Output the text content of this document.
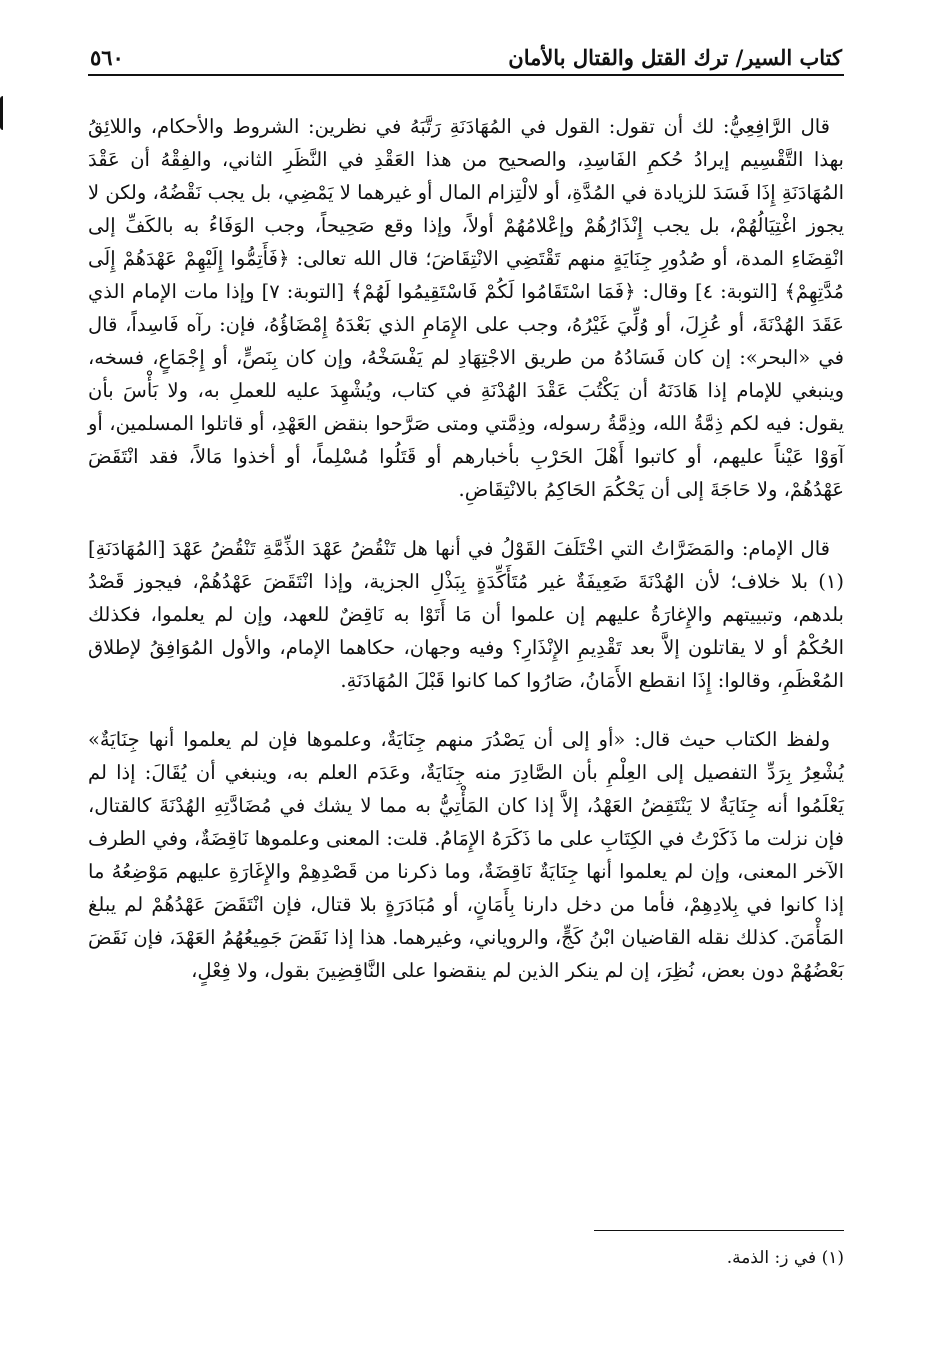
كتاب السير/ ترك القتل والقتال بالأمان
٥٦٠

قال الرَّافِعِيُّ: لك أن تقول: القول في المُهَادَنَةِ رَتَّبَهُ في نظرين: الشروط والأحكام، واللائِقُ بهذا التَّقْسِيم إيرادُ حُكمِ الفَاسِدِ، والصحيح من هذا العَقْدِ في النَّظَرِ الثاني، والفِقْهُ أن عَقْدَ المُهَادَنَةِ إِذَا فَسَدَ للزيادة في المُدَّةِ، أو لالْتِزام المال أو غيرهما لا يَمْضِي، بل يجب نَقْضُهُ، ولكن لا يجوز اغْتِيَالُهُمْ، بل يجب إِنْذَارُهُمْ وإعْلامُهُمْ أولاً، وإذا وقع صَحِيحاً، وجب الوَفَاءُ به بالكَفِّ إلى انْقِضَاءِ المدة، أو صُدُورِ جِنَايَةٍ منهم تَقْتَضِي الانْتِقَاضَ؛ قال الله تعالى: ﴿فَأَتِمُّوا إِلَيْهِمْ عَهْدَهُمْ إِلَى مُدَّتِهِمْ﴾ [التوبة: ٤] وقال: ﴿فَمَا اسْتَقَامُوا لَكُمْ فَاسْتَقِيمُوا لَهُمْ﴾ [التوبة: ٧] وإذا مات الإمام الذي عَقَدَ الهُدْنَةَ، أو عُزِلَ، أو وُلِّيَ غَيْرُهُ، وجب على الإِمَامِ الذي بَعْدَهُ إِمْضَاؤُهُ، فإن: رآه فَاسِداً، قال في «البحر»: إن كان فَسَادُهُ من طريق الاجْتِهَادِ لم يَفْسَخْهُ، وإن كان بِنَصٍّ، أو إِجْمَاعٍ، فسخه، وينبغي للإمام إذا هَادَنَهُ أن يَكْتُبَ عَقْدَ الهُدْنَةِ في كتاب، ويُشْهِدَ عليه للعملِ به، ولا بَأْسَ بأن يقول: فيه لكم ذِمَّةُ الله، وذِمَّةُ رسوله، وذِمَّتي ومتى صَرَّحوا بنقض العَهْدِ، أو قاتلوا المسلمين، أو آوَوْا عَيْناً عليهم، أو كاتبوا أَهْلَ الحَرْبِ بأخبارهم أو قَتَلُوا مُسْلِماً، أو أخذوا مَالاً، فقد انْتَقَضَ عَهْدُهُمْ، ولا حَاجَةَ إلى أن يَحْكُمَ الحَاكِمُ بالانْتِقَاضِ.

قال الإمام: والمَضَرَّاتُ التي اخْتَلَفَ القَوْلُ في أنها هل تَنْقُضُ عَهْدَ الذِّمَّةِ تَنْقُضُ عَهْدَ [المُهَادَنَةِ](١) بلا خلاف؛ لأن الهُدْنَةَ ضَعِيفَةٌ غير مُتَأَكِّدَةٍ بِبَذْلِ الجزية، وإذا انْتَقَضَ عَهْدُهُمْ، فيجوز قَصْدُ بلدهم، وتبييتهم والإِغارَةُ عليهم إن علموا أن مَا أَتَوْا به نَاقِضٌ للعهد، وإن لم يعلموا، فكذلك الحُكْمُ أو لا يقاتلون إلاَّ بعد تَقْدِيمِ الإِنْذَارِ؟ وفيه وجهان، حكاهما الإمام، والأول المُوَافِقُ لإطلاق المُعْظَمِ، وقالوا: إِذَا انقطع الأَمَانُ، صَارُوا كما كانوا قَبْلَ المُهَادَنَةِ.

ولفظ الكتاب حيث قال: «أو إلى أن يَصْدُرَ منهم جِنَايَةٌ، وعلموها فإن لم يعلموا أنها جِنَايَةٌ» يُشْعِرُ بِرَدِّ التفصيل إلى العِلْمِ بأن الصَّادِرَ منه جِنَايَةٌ، وعَدَم العلم به، وينبغي أن يُقَالَ: إذا لم يَعْلَمُوا أنه جِنَايَةٌ لا يَنْتَقِضُ العَهْدُ، إلاَّ إذا كان المَأْتِيُّ به مما لا يشك في مُضَادَّتِهِ الهُدْنَةَ كالقتال، فإن نزلت ما ذَكَرْتُ في الكِتَابِ على ما ذَكَرَهُ الإِمَامُ. قلت: المعنى وعلموها نَاقِضَةٌ، وفي الطرف الآخر المعنى، وإن لم يعلموا أنها جِنَايَةٌ نَاقِضَةٌ، وما ذكرنا من قَصْدِهِمْ والإِغَارَةِ عليهم مَوْضِعُهُ ما إذا كانوا في بِلادِهِمْ، فأما من دخل دارنا بِأَمَانٍ، أو مُبَادَرَةٍ بلا قتال، فإن انْتَقَضَ عَهْدُهُمْ لم يبلغ المَأْمَنَ. كذلك نقله القاضيان ابْنُ كَجٍّ، والروياني، وغيرهما. هذا إذا نَقَضَ جَمِيعُهُمُ العَهْدَ، فإن نَقَضَ بَعْضُهُمْ دون بعض، نُظِرَ، إن لم ينكر الذين لم ينقضوا على النَّاقِضِينَ بقول، ولا فِعْلٍ،

(١) في ز: الذمة.
